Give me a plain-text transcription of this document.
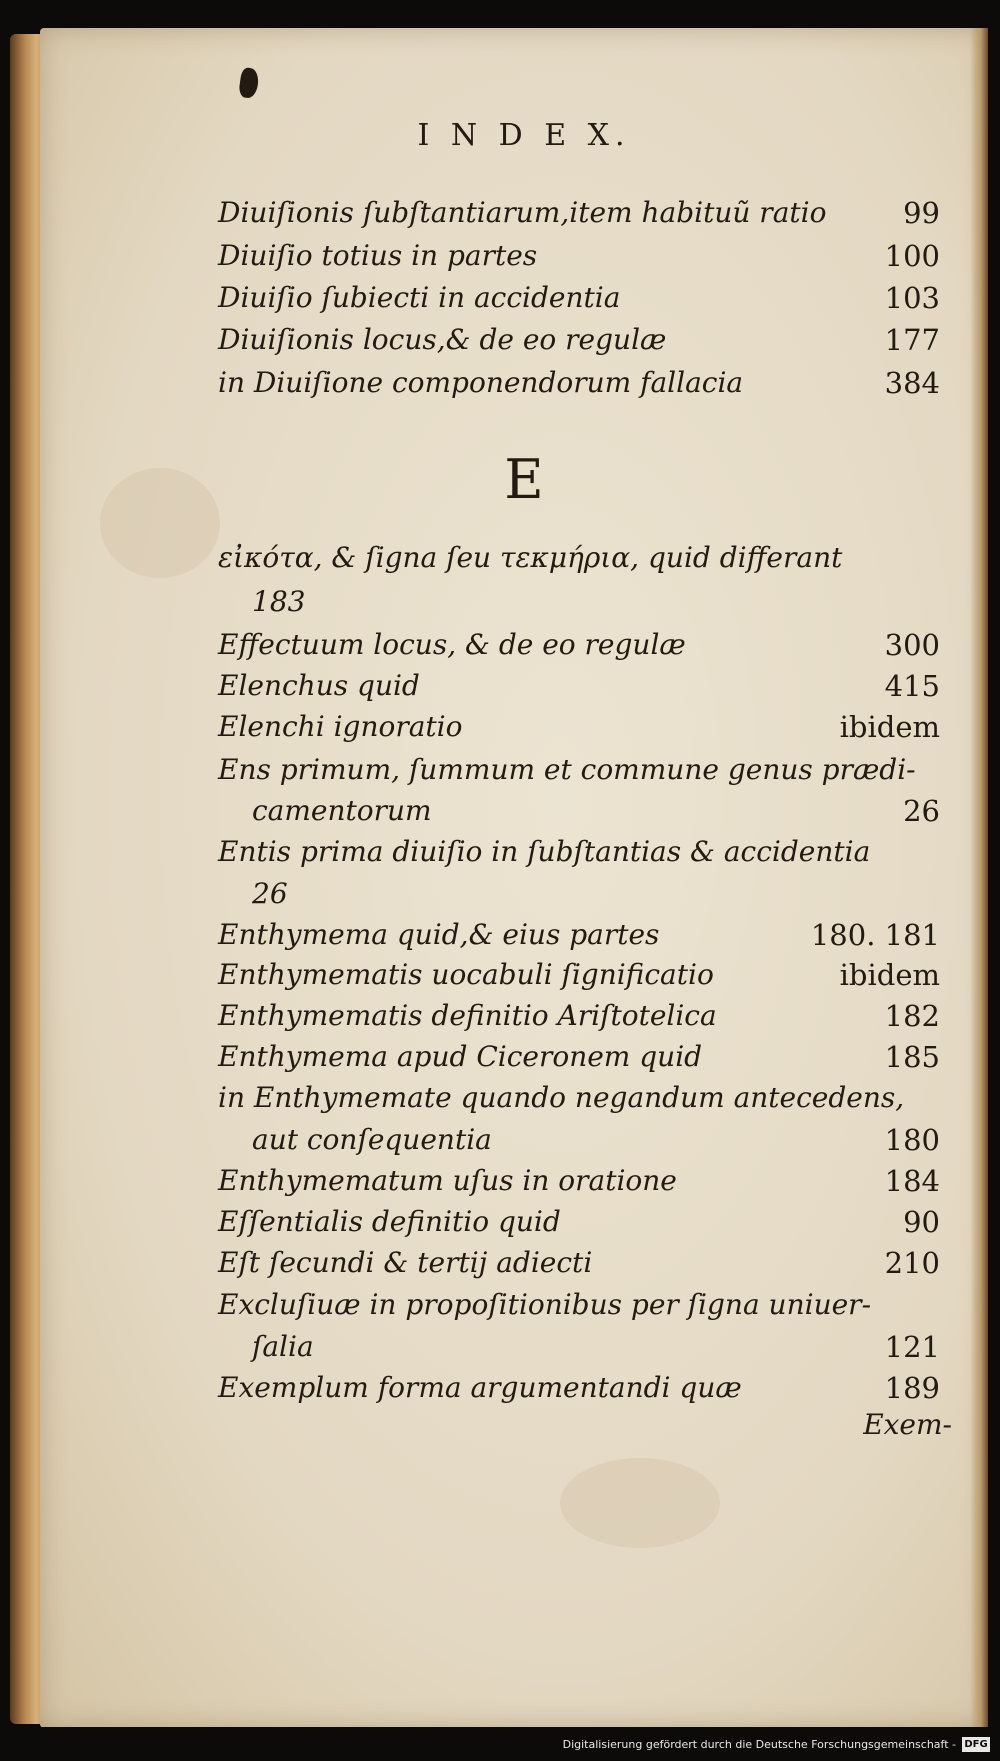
I N D E X.
E
Diuiſionis ſubſtantiarum,item habituũ ratio	99
Diuiſio totius in partes	100
Diuiſio ſubiecti in accidentia	103
Diuiſionis locus,& de eo regulæ	177
in Diuiſione componendorum fallacia	384
εἰκότα, & ſigna ſeu τεκμήρια, quid differant
183
Effectuum locus, & de eo regulæ	300
Elenchus quid	415
Elenchi ignoratio	ibidem
Ens primum, ſummum et commune genus prædi-
camentorum	26
Entis prima diuiſio in ſubſtantias & accidentia
26
Enthymema quid,& eius partes	180. 181
Enthymematis uocabuli ſignificatio	ibidem
Enthymematis definitio Ariſtotelica	182
Enthymema apud Ciceronem quid	185
in Enthymemate quando negandum antecedens,
aut conſequentia	180
Enthymematum uſus in oratione	184
Eſſentialis definitio quid	90
Eſt ſecundi & tertij adiecti	210
Excluſiuæ in propoſitionibus per ſigna uniuer-
ſalia	121
Exemplum forma argumentandi quæ	189
Exem-
Digitalisierung gefördert durch die Deutsche Forschungsgemeinschaft - DFG
